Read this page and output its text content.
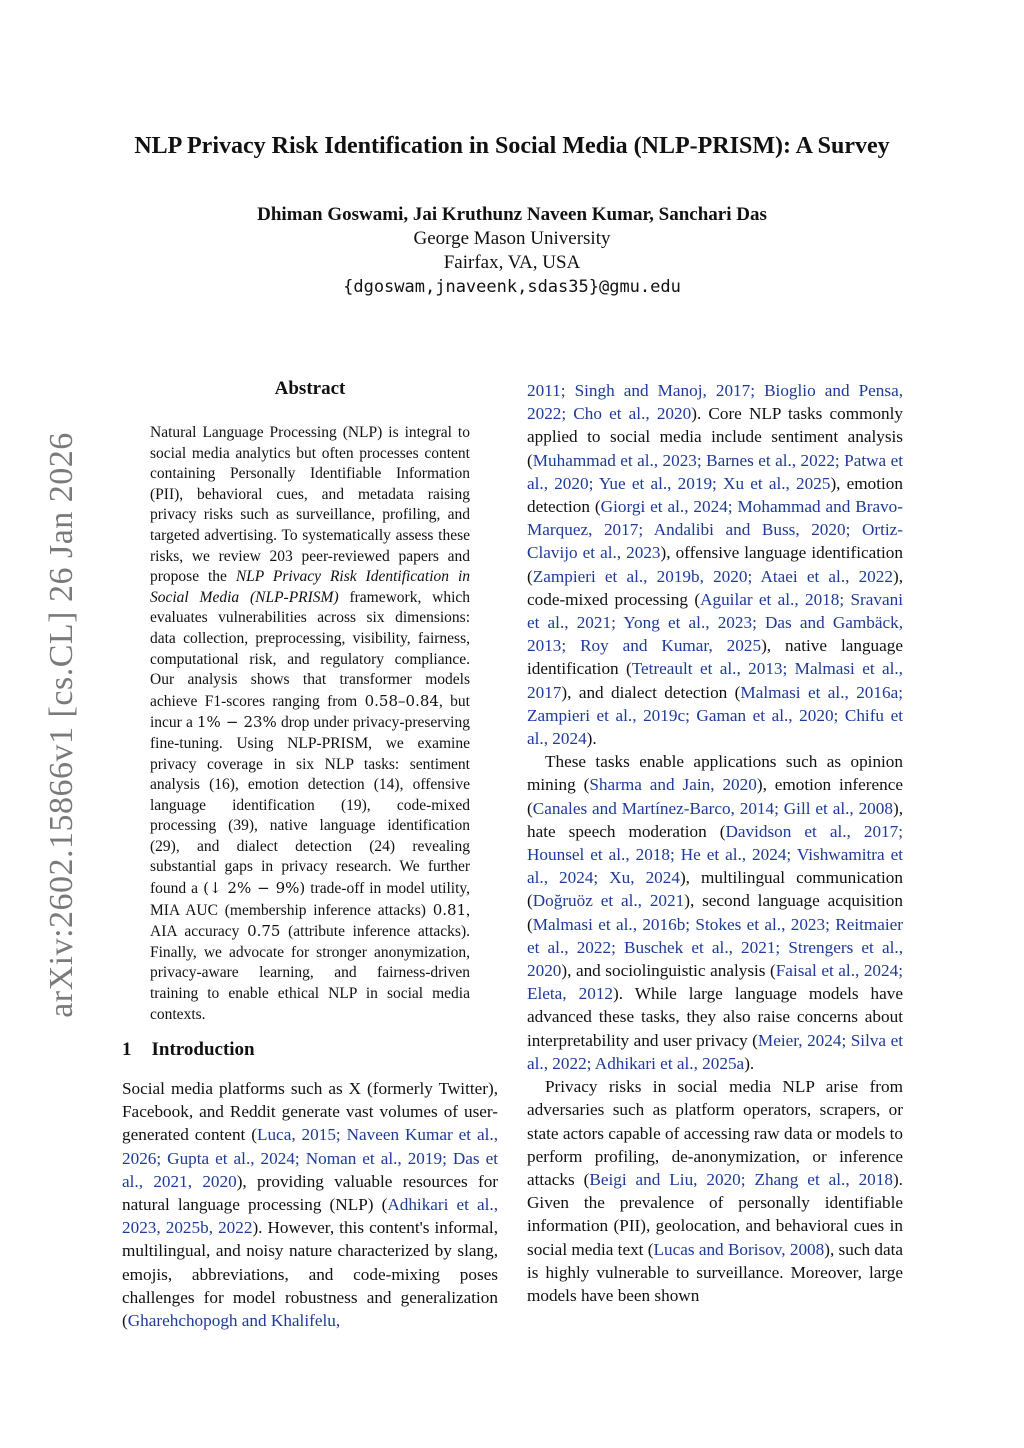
NLP Privacy Risk Identification in Social Media (NLP-PRISM): A Survey
Dhiman Goswami, Jai Kruthunz Naveen Kumar, Sanchari Das
George Mason University
Fairfax, VA, USA
{dgoswam,jnaveenk,sdas35}@gmu.edu
arXiv:2602.15866v1 [cs.CL] 26 Jan 2026
Abstract

Natural Language Processing (NLP) is integral to social media analytics but often processes content containing Personally Identifiable Information (PII), behavioral cues, and metadata raising privacy risks such as surveillance, profiling, and targeted advertising. To systematically assess these risks, we review 203 peer-reviewed papers and propose the NLP Privacy Risk Identification in Social Media (NLP-PRISM) framework, which evaluates vulnerabilities across six dimensions: data collection, preprocessing, visibility, fairness, computational risk, and regulatory compliance. Our analysis shows that transformer models achieve F1-scores ranging from 0.58–0.84, but incur a 1% − 23% drop under privacy-preserving fine-tuning. Using NLP-PRISM, we examine privacy coverage in six NLP tasks: sentiment analysis (16), emotion detection (14), offensive language identification (19), code-mixed processing (39), native language identification (29), and dialect detection (24) revealing substantial gaps in privacy research. We further found a (↓ 2% − 9%) trade-off in model utility, MIA AUC (membership inference attacks) 0.81, AIA accuracy 0.75 (attribute inference attacks). Finally, we advocate for stronger anonymization, privacy-aware learning, and fairness-driven training to enable ethical NLP in social media contexts.

1 Introduction

Social media platforms such as X (formerly Twitter), Facebook, and Reddit generate vast volumes of user-generated content (Luca, 2015; Naveen Kumar et al., 2026; Gupta et al., 2024; Noman et al., 2019; Das et al., 2021, 2020), providing valuable resources for natural language processing (NLP) (Adhikari et al., 2023, 2025b, 2022). However, this content's informal, multilingual, and noisy nature characterized by slang, emojis, abbreviations, and code-mixing poses challenges for model robustness and generalization (Gharehchopogh and Khalifelu,

2011; Singh and Manoj, 2017; Bioglio and Pensa, 2022; Cho et al., 2020). Core NLP tasks commonly applied to social media include sentiment analysis (Muhammad et al., 2023; Barnes et al., 2022; Patwa et al., 2020; Yue et al., 2019; Xu et al., 2025), emotion detection (Giorgi et al., 2024; Mohammad and Bravo-Marquez, 2017; Andalibi and Buss, 2020; Ortiz-Clavijo et al., 2023), offensive language identification (Zampieri et al., 2019b, 2020; Ataei et al., 2022), code-mixed processing (Aguilar et al., 2018; Sravani et al., 2021; Yong et al., 2023; Das and Gambäck, 2013; Roy and Kumar, 2025), native language identification (Tetreault et al., 2013; Malmasi et al., 2017), and dialect detection (Malmasi et al., 2016a; Zampieri et al., 2019c; Gaman et al., 2020; Chifu et al., 2024).

These tasks enable applications such as opinion mining (Sharma and Jain, 2020), emotion inference (Canales and Martínez-Barco, 2014; Gill et al., 2008), hate speech moderation (Davidson et al., 2017; Hounsel et al., 2018; He et al., 2024; Vishwamitra et al., 2024; Xu, 2024), multilingual communication (Doğruöz et al., 2021), second language acquisition (Malmasi et al., 2016b; Stokes et al., 2023; Reitmaier et al., 2022; Buschek et al., 2021; Strengers et al., 2020), and sociolinguistic analysis (Faisal et al., 2024; Eleta, 2012). While large language models have advanced these tasks, they also raise concerns about interpretability and user privacy (Meier, 2024; Silva et al., 2022; Adhikari et al., 2025a).

Privacy risks in social media NLP arise from adversaries such as platform operators, scrapers, or state actors capable of accessing raw data or models to perform profiling, de-anonymization, or inference attacks (Beigi and Liu, 2020; Zhang et al., 2018). Given the prevalence of personally identifiable information (PII), geolocation, and behavioral cues in social media text (Lucas and Borisov, 2008), such data is highly vulnerable to surveillance. Moreover, large models have been shown
